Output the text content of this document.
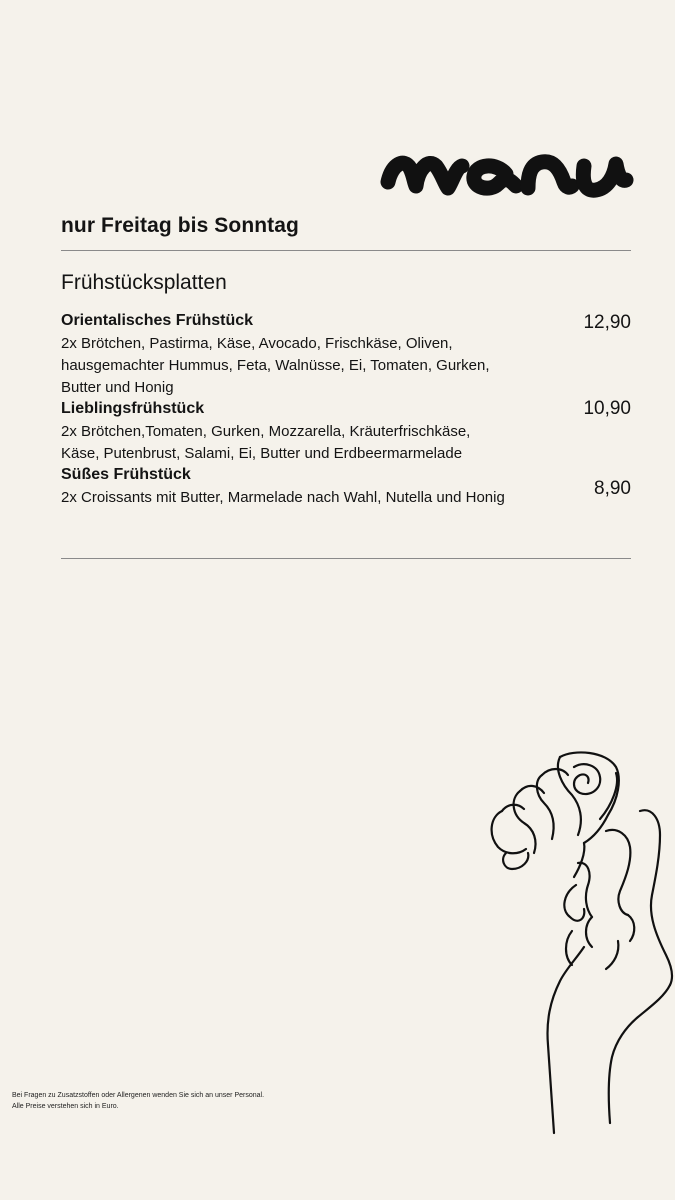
nur Freitag bis Sonntag
Frühstücksplatten
Orientalisches Frühstück
2x Brötchen, Pastirma, Käse, Avocado, Frischkäse, Oliven, hausgemachter Hummus, Feta, Walnüsse, Ei, Tomaten, Gurken, Butter und Honig
12,90
Lieblingsfrühstück
2x Brötchen,Tomaten, Gurken, Mozzarella, Kräuterfrischkäse, Käse, Putenbrust, Salami, Ei, Butter und Erdbeermarmelade
10,90
Süßes Frühstück
2x Croissants mit Butter, Marmelade nach Wahl, Nutella und Honig	8,90
Bei Fragen zu Zusatzstoffen oder Allergenen wenden Sie sich an unser Personal.
Alle Preise verstehen sich in Euro.
